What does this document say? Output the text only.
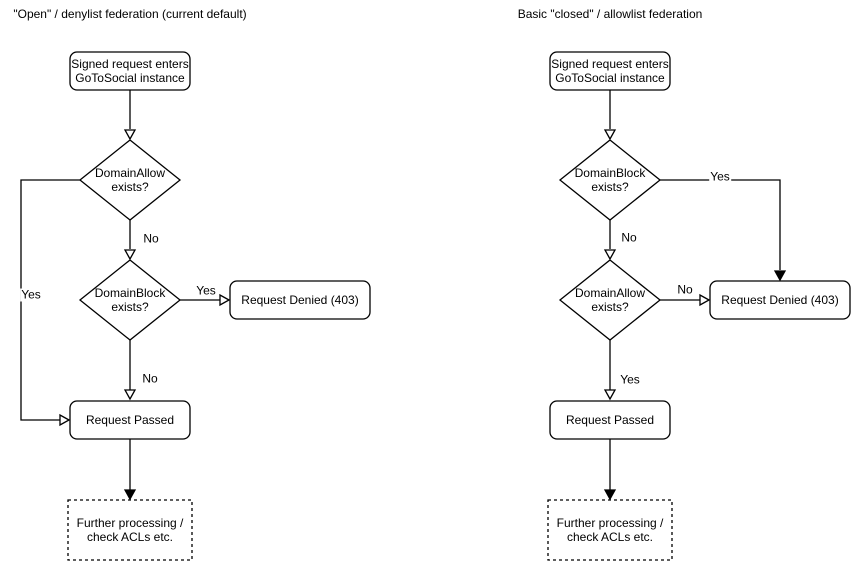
"Open" / denylist federation (current default)	Basic "closed" / allowlist federation
Signed request enters
GoToSocial instance
DomainAllow
exists?
DomainBlock
exists?	Request Denied (403)
Request Passed
Further processing /
check ACLs etc.
No
Yes	Yes
No
Signed request enters
GoToSocial instance
DomainBlock
exists?
DomainAllow
exists?	Request Denied (403)
Request Passed
Further processing /
check ACLs etc.
Yes
No
No
Yes
